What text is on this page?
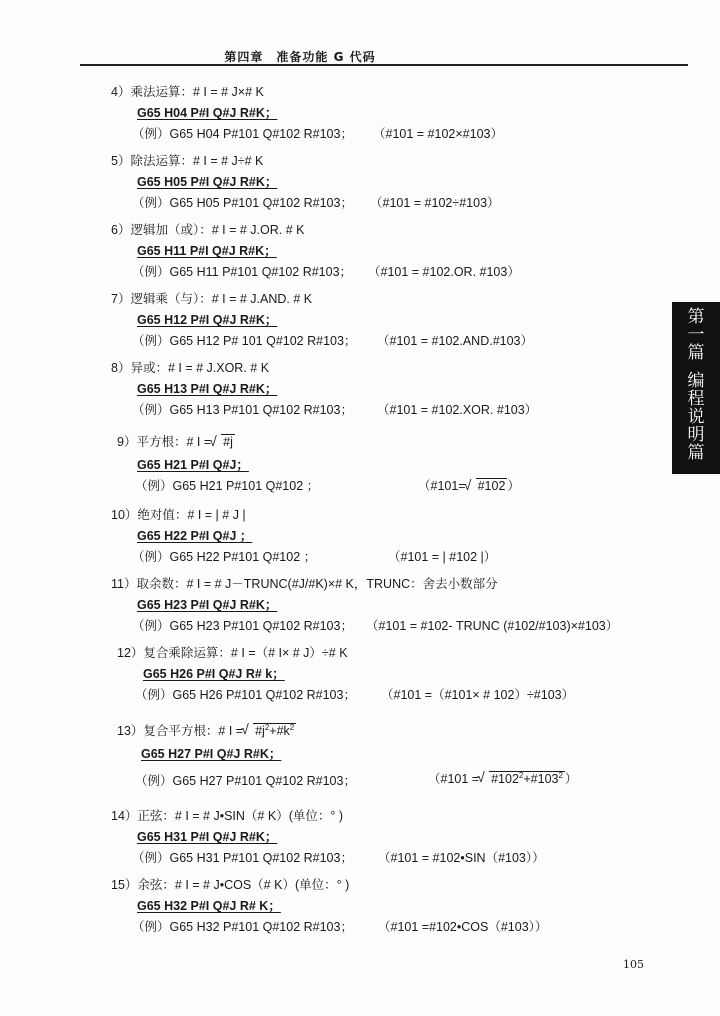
第四章　准备功能 G 代码
第
一
篇
编
程
说
明
篇
4）乘法运算：# I = # J×# K
G65 H04 P#I Q#J R#K；
（例）G65 H04 P#101 Q#102 R#103； （#101 = #102×#103）
5）除法运算：# I = # J÷# K
G65 H05 P#I Q#J R#K；
（例）G65 H05 P#101 Q#102 R#103； （#101 = #102÷#103）
6）逻辑加（或）：# I = # J.OR. # K
G65 H11 P#I Q#J R#K；
（例）G65 H11 P#101 Q#102 R#103； （#101 = #102.OR. #103）
7）逻辑乘（与）：# I = # J.AND. # K
G65 H12 P#I Q#J R#K；
（例）G65 H12 P# 101 Q#102 R#103； （#101 = #102.AND.#103）
8）异或：# I = # J.XOR. # K
G65 H13 P#I Q#J R#K；
（例）G65 H13 P#101 Q#102 R#103； （#101 = #102.XOR. #103）
9）平方根：# I = √ #j
G65 H21 P#I Q#J；
（例）G65 H21 P#101 Q#102 ；	（#101= √ #102 ）
10）绝对值：# I = | # J |
G65 H22 P#I Q#J ；
（例）G65 H22 P#101 Q#102 ；	（#101 = | #102 |）
11）取余数：# I = # J－TRUNC(#J/#K)×# K，TRUNC：舍去小数部分
G65 H23 P#I Q#J R#K；
（例）G65 H23 P#101 Q#102 R#103； （#101 = #102- TRUNC (#102/#103)×#103）
12）复合乘除运算：# I =（# I× # J）÷# K
G65 H26 P#I Q#J R# k；
（例）G65 H26 P#101 Q#102 R#103； （#101 =（#101× # 102）÷#103）
13）复合平方根：# I = √ $\#j^2+\#k^2$
G65 H27 P#I Q#J R#K；
（例）G65 H27 P#101 Q#102 R#103；	（#101 = √ $\#102^2+\#103^2$ ）
14）正弦：# I = # J•SIN（# K）(单位：° )
G65 H31 P#I Q#J R#K；
（例）G65 H31 P#101 Q#102 R#103； （#101 = #102•SIN（#103））
15）余弦：# I = # J•COS（# K）(单位：° )
G65 H32 P#I Q#J R# K；
（例）G65 H32 P#101 Q#102 R#103； （#101 =#102•COS（#103））
105
